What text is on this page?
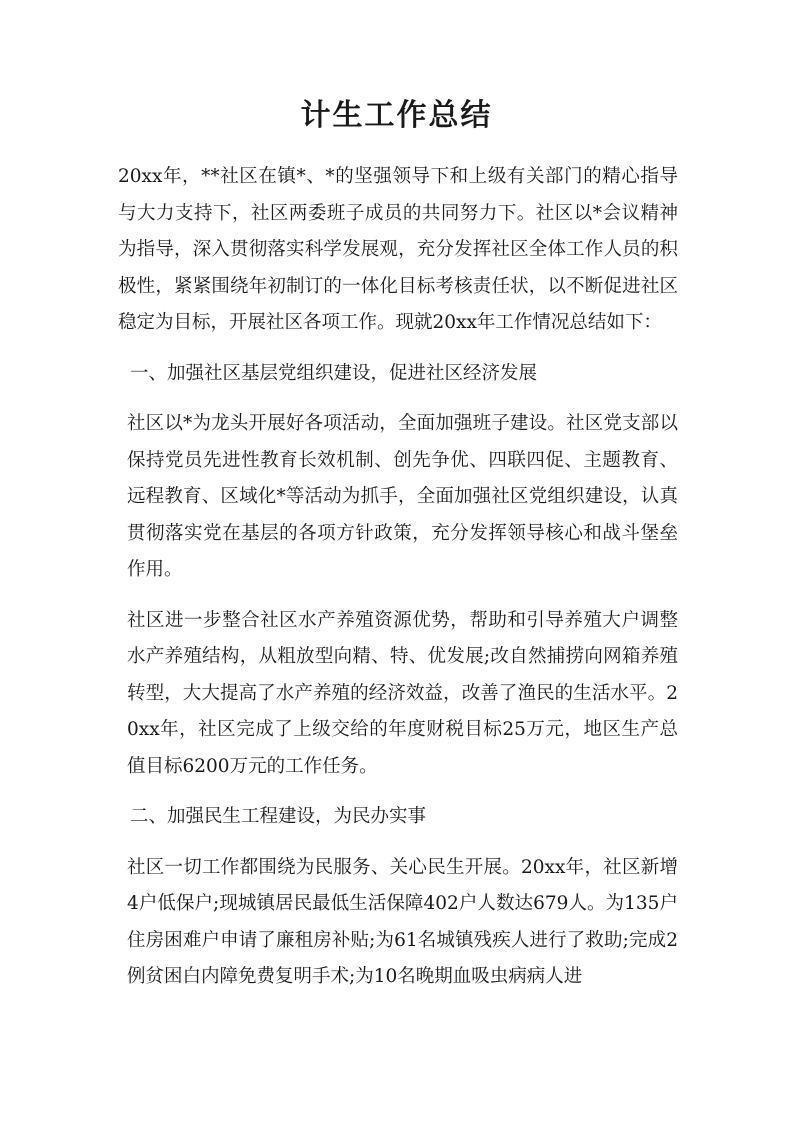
计生工作总结

20xx年，**社区在镇*、*的坚强领导下和上级有关部门的精心指导与大力支持下，社区两委班子成员的共同努力下。社区以*会议精神为指导，深入贯彻落实科学发展观，充分发挥社区全体工作人员的积极性，紧紧围绕年初制订的一体化目标考核责任状，以不断促进社区稳定为目标，开展社区各项工作。现就20xx年工作情况总结如下：

一、加强社区基层党组织建设，促进社区经济发展

社区以*为龙头开展好各项活动，全面加强班子建设。社区党支部以保持党员先进性教育长效机制、创先争优、四联四促、主题教育、远程教育、区域化*等活动为抓手，全面加强社区党组织建设，认真贯彻落实党在基层的各项方针政策，充分发挥领导核心和战斗堡垒作用。

社区进一步整合社区水产养殖资源优势，帮助和引导养殖大户调整水产养殖结构，从粗放型向精、特、优发展;改自然捕捞向网箱养殖转型，大大提高了水产养殖的经济效益，改善了渔民的生活水平。20xx年，社区完成了上级交给的年度财税目标25万元，地区生产总值目标6200万元的工作任务。

二、加强民生工程建设，为民办实事

社区一切工作都围绕为民服务、关心民生开展。20xx年，社区新增4户低保户;现城镇居民最低生活保障402户人数达679人。为135户住房困难户申请了廉租房补贴;为61名城镇残疾人进行了救助;完成2例贫困白内障免费复明手术;为10名晚期血吸虫病病人进
